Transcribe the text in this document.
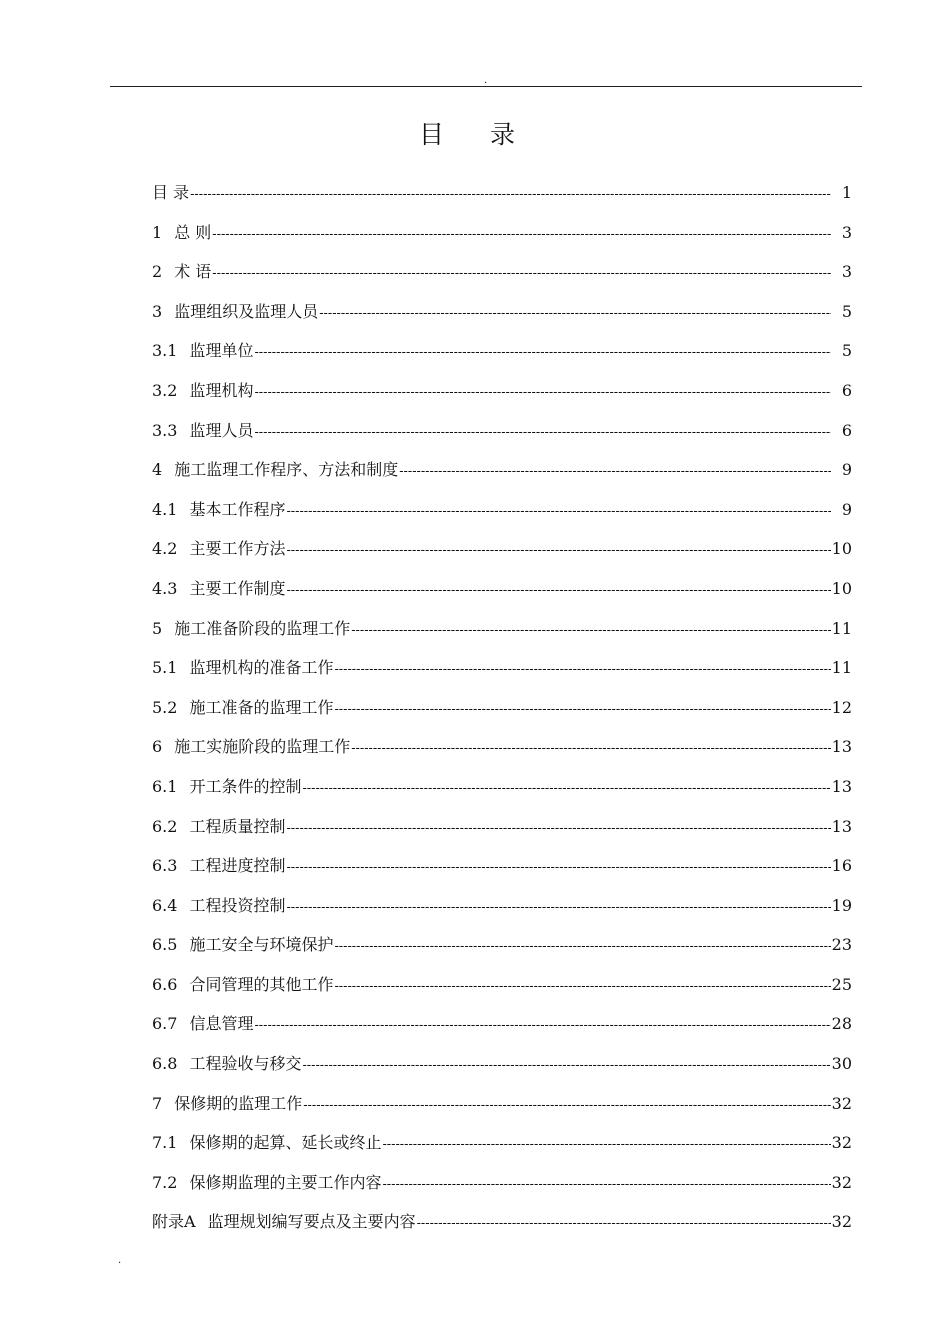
.
目录
目 录 -----	1
1 总 则 -----	3
2 术 语 -----	3
3 监理组织及监理人员 -----	5
3.1 监理单位 -----	5
3.2 监理机构 -----	6
3.3 监理人员 -----	6
4 施工监理工作程序、方法和制度 -----	9
4.1 基本工作程序 -----	9
4.2 主要工作方法 -----	10
4.3 主要工作制度 -----	10
5 施工准备阶段的监理工作 -----	11
5.1 监理机构的准备工作 -----	11
5.2 施工准备的监理工作 -----	12
6 施工实施阶段的监理工作 -----	13
6.1 开工条件的控制 -----	13
6.2 工程质量控制 -----	13
6.3 工程进度控制 -----	16
6.4 工程投资控制 -----	19
6.5 施工安全与环境保护 -----	23
6.6 合同管理的其他工作 -----	25
6.7 信息管理 -----	28
6.8 工程验收与移交 -----	30
7 保修期的监理工作 -----	32
7.1 保修期的起算、延长或终止 -----	32
7.2 保修期监理的主要工作内容 -----	32
附录A 监理规划编写要点及主要内容 -----	32
.
